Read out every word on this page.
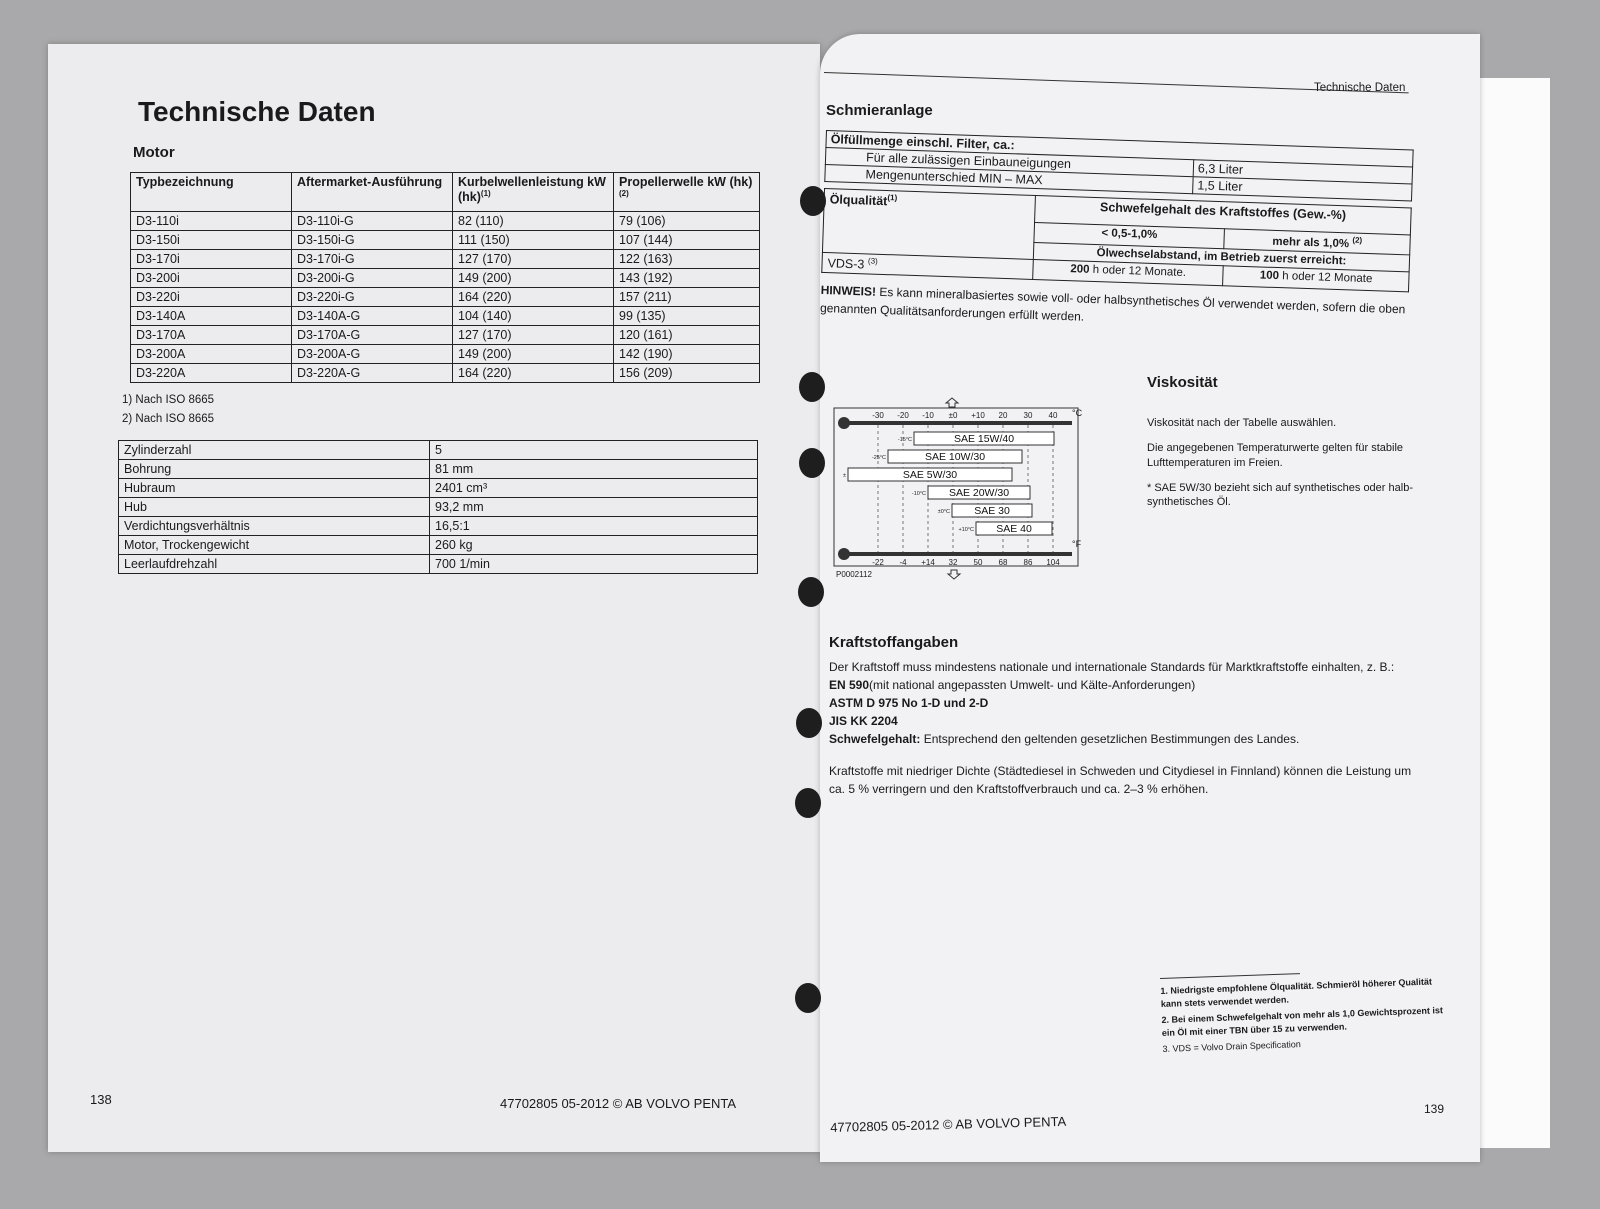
Technische Daten
Motor
Typbezeichnung	Aftermarket-Ausführung	Kurbelwellenleistung kW (hk)$^{(1)}$	Propellerwelle kW (hk)$^{(2)}$
D3-110i	D3-110i-G	82 (110)	79 (106)
D3-150i	D3-150i-G	111 (150)	107 (144)
D3-170i	D3-170i-G	127 (170)	122 (163)
D3-200i	D3-200i-G	149 (200)	143 (192)
D3-220i	D3-220i-G	164 (220)	157 (211)
D3-140A	D3-140A-G	104 (140)	99 (135)
D3-170A	D3-170A-G	127 (170)	120 (161)
D3-200A	D3-200A-G	149 (200)	142 (190)
D3-220A	D3-220A-G	164 (220)	156 (209)
1) Nach ISO 8665
2) Nach ISO 8665
Zylinderzahl	5
Bohrung	81 mm
Hubraum	2401 cm³
Hub	93,2 mm
Verdichtungsverhältnis	16,5:1
Motor, Trockengewicht	260 kg
Leerlaufdrehzahl	700 1/min
138	47702805 05-2012 © AB VOLVO PENTA
Technische Daten
Schmieranlage
Ölfüllmenge einschl. Filter, ca.:	
Für alle zulässigen Einbauneigungen	6,3 Liter
Mengenunterschied MIN – MAX	1,5 Liter
Ölqualität$^{(1)}$	Schwefelgehalt des Kraftstoffes (Gew.-%)	
	< 0,5-1,0%	mehr als 1,0% $^{(2)}$
	Ölwechselabstand, im Betrieb zuerst erreicht:	
VDS-3 $^{(3)}$	200 h oder 12 Monate.	100 h oder 12 Monate
HINWEIS! Es kann mineralbasiertes sowie voll- oder halbsynthetisches Öl verwendet werden, sofern die oben genannten Qualitätsanforderungen erfüllt werden.
-30 -20 -10 ±0 +10 20 30 40
-22 -4 +14 32 50 68 86 104
°C
°F
SAE 15W/40
-15°C
SAE 10W/30
-25°C
SAE 5W/30
±
SAE 20W/30
-10°C
SAE 30
±0°C
SAE 40
+10°C
P0002112
Viskosität
Viskosität nach der Tabelle auswählen.
Die angegebenen Temperaturwerte gelten für stabile Lufttemperaturen im Freien.
* SAE 5W/30 bezieht sich auf synthetisches oder halb-synthetisches Öl.
Kraftstoffangaben
Der Kraftstoff muss mindestens nationale und internationale Standards für Marktkraftstoffe einhalten, z. B.:
EN 590(mit national angepassten Umwelt- und Kälte-Anforderungen)
ASTM D 975 No 1-D und 2-D
JIS KK 2204
Schwefelgehalt: Entsprechend den geltenden gesetzlichen Bestimmungen des Landes.
Kraftstoffe mit niedriger Dichte (Städtediesel in Schweden und Citydiesel in Finnland) können die Leistung um ca. 5 % verringern und den Kraftstoffverbrauch und ca. 2–3 % erhöhen.
1. Niedrigste empfohlene Ölqualität. Schmieröl höherer Qualität kann stets verwendet werden.
2. Bei einem Schwefelgehalt von mehr als 1,0 Gewichtsprozent ist ein Öl mit einer TBN über 15 zu verwenden.
3. VDS = Volvo Drain Specification
139
47702805 05-2012 © AB VOLVO PENTA
